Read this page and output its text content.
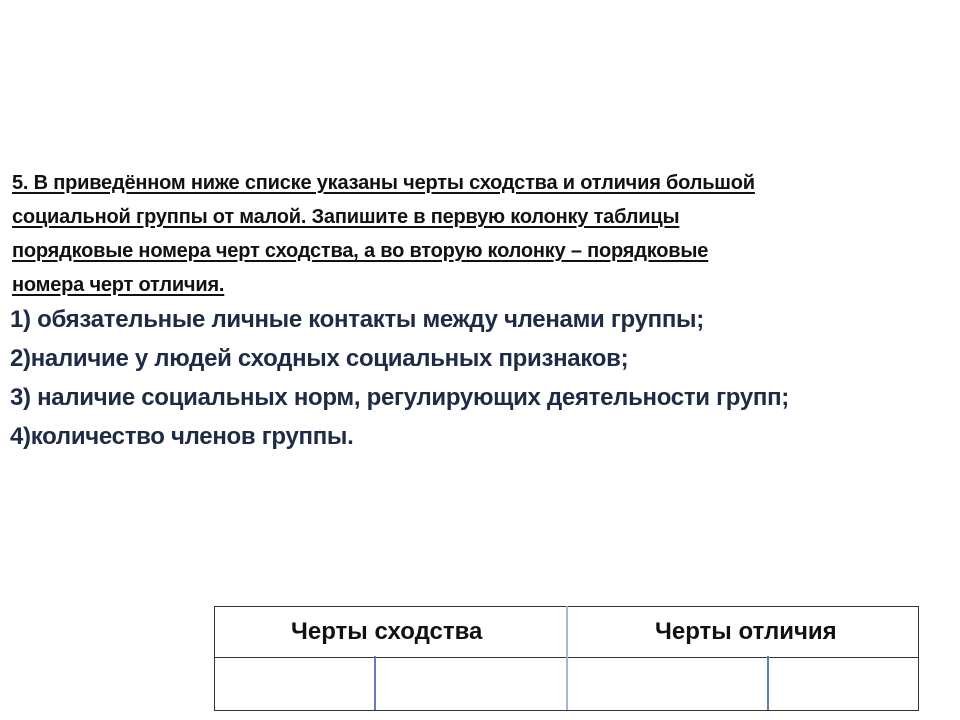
5. В приведённом ниже списке указаны черты сходства и отличия большой
социальной группы от малой. Запишите в первую колонку таблицы
порядковые номера черт сходства, а во вторую колонку – порядковые
номера черт отличия.
1) обязательные личные контакты между членами группы;
2)наличие у людей сходных социальных признаков;
3) наличие социальных норм, регулирующих деятельности групп;
4)количество членов группы.
Черты сходства		Черты отличия	
